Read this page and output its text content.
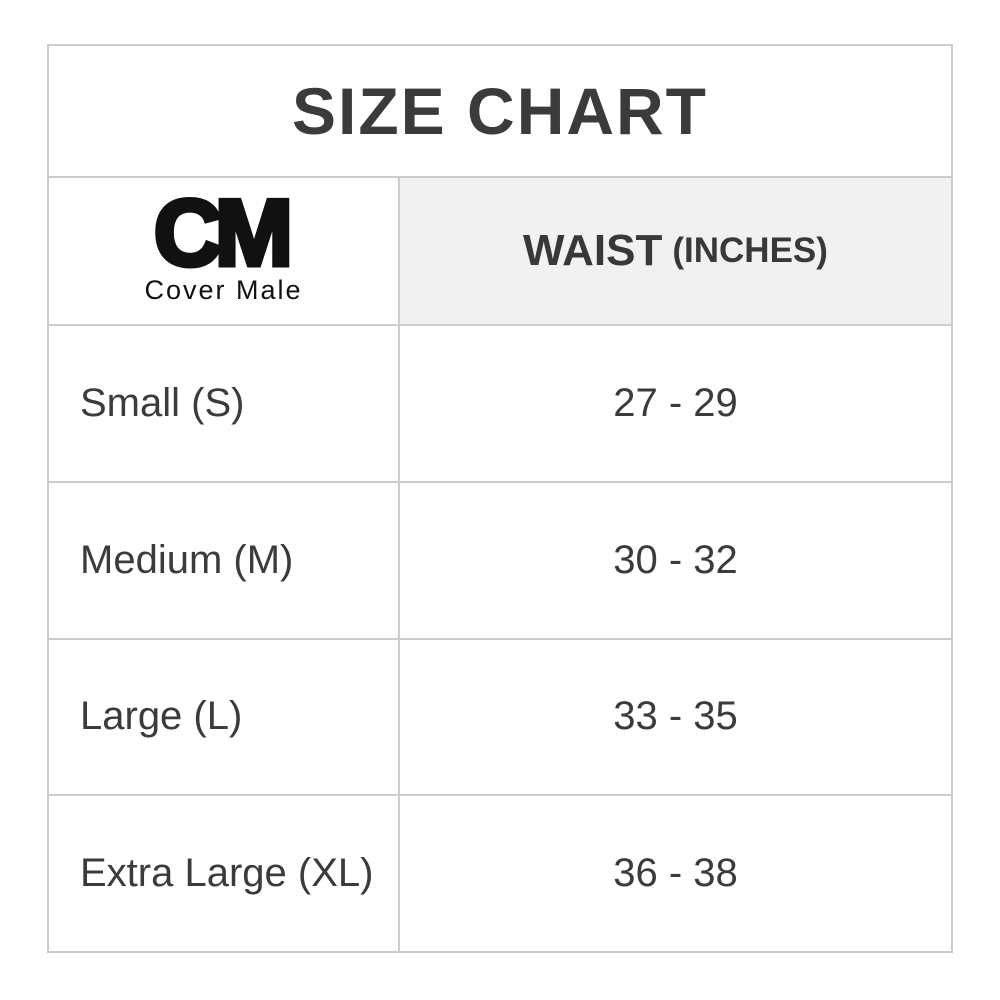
SIZE CHART
CM
Cover Male
WAIST (INCHES)
Small (S)	27 - 29
Medium (M)	30 - 32
Large (L)	33 - 35
Extra Large (XL)	36 - 38
